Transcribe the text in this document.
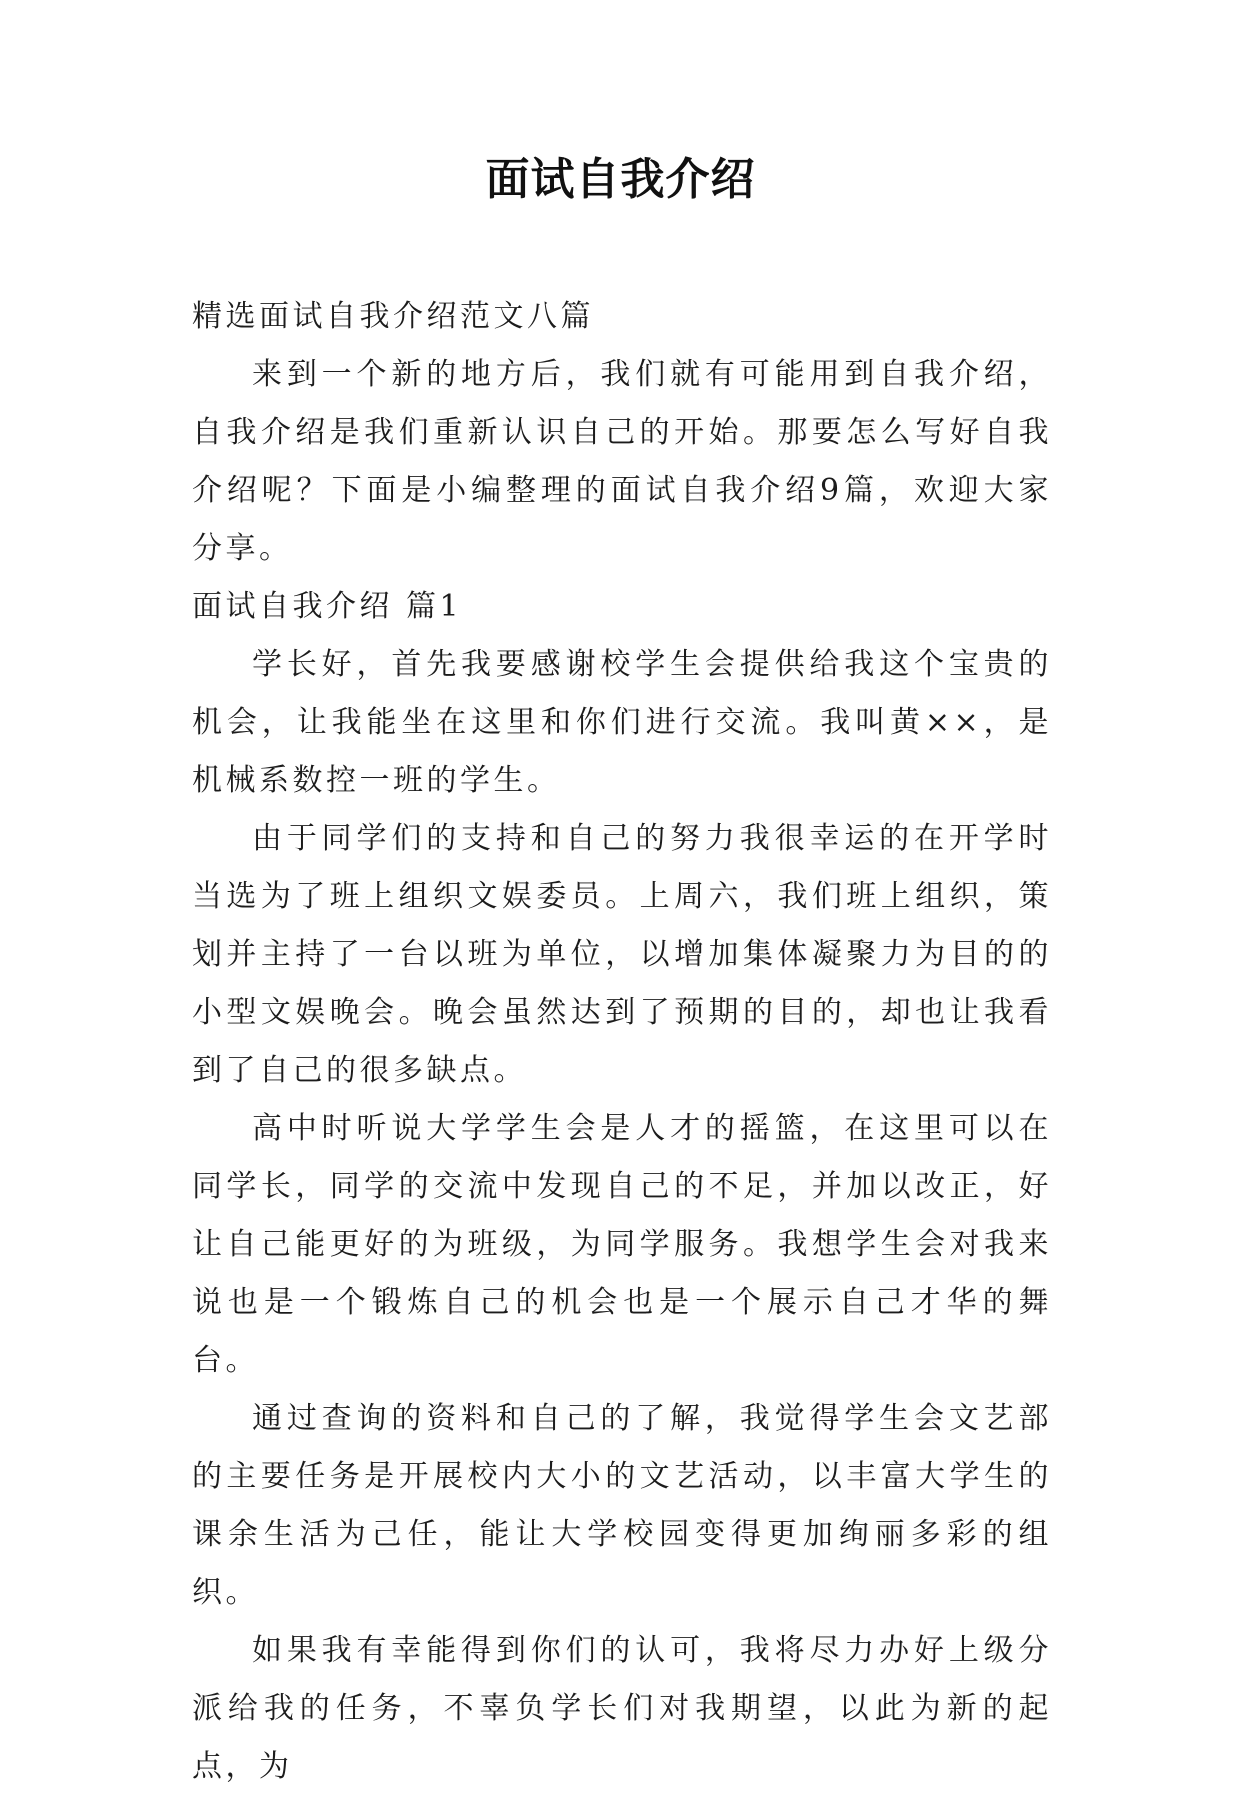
面试自我介绍

精选面试自我介绍范文八篇

来到一个新的地方后，我们就有可能用到自我介绍，自我介绍是我们重新认识自己的开始。那要怎么写好自我介绍呢？下面是小编整理的面试自我介绍9篇，欢迎大家分享。

面试自我介绍 篇1

学长好，首先我要感谢校学生会提供给我这个宝贵的机会，让我能坐在这里和你们进行交流。我叫黄××，是机械系数控一班的学生。

由于同学们的支持和自己的努力我很幸运的在开学时当选为了班上组织文娱委员。上周六，我们班上组织，策划并主持了一台以班为单位，以增加集体凝聚力为目的的小型文娱晚会。晚会虽然达到了预期的目的，却也让我看到了自己的很多缺点。

高中时听说大学学生会是人才的摇篮，在这里可以在同学长，同学的交流中发现自己的不足，并加以改正，好让自己能更好的为班级，为同学服务。我想学生会对我来说也是一个锻炼自己的机会也是一个展示自己才华的舞台。

通过查询的资料和自己的了解，我觉得学生会文艺部的主要任务是开展校内大小的文艺活动，以丰富大学生的课余生活为己任，能让大学校园变得更加绚丽多彩的组织。

如果我有幸能得到你们的认可，我将尽力办好上级分派给我的任务，不辜负学长们对我期望，以此为新的起点，为
